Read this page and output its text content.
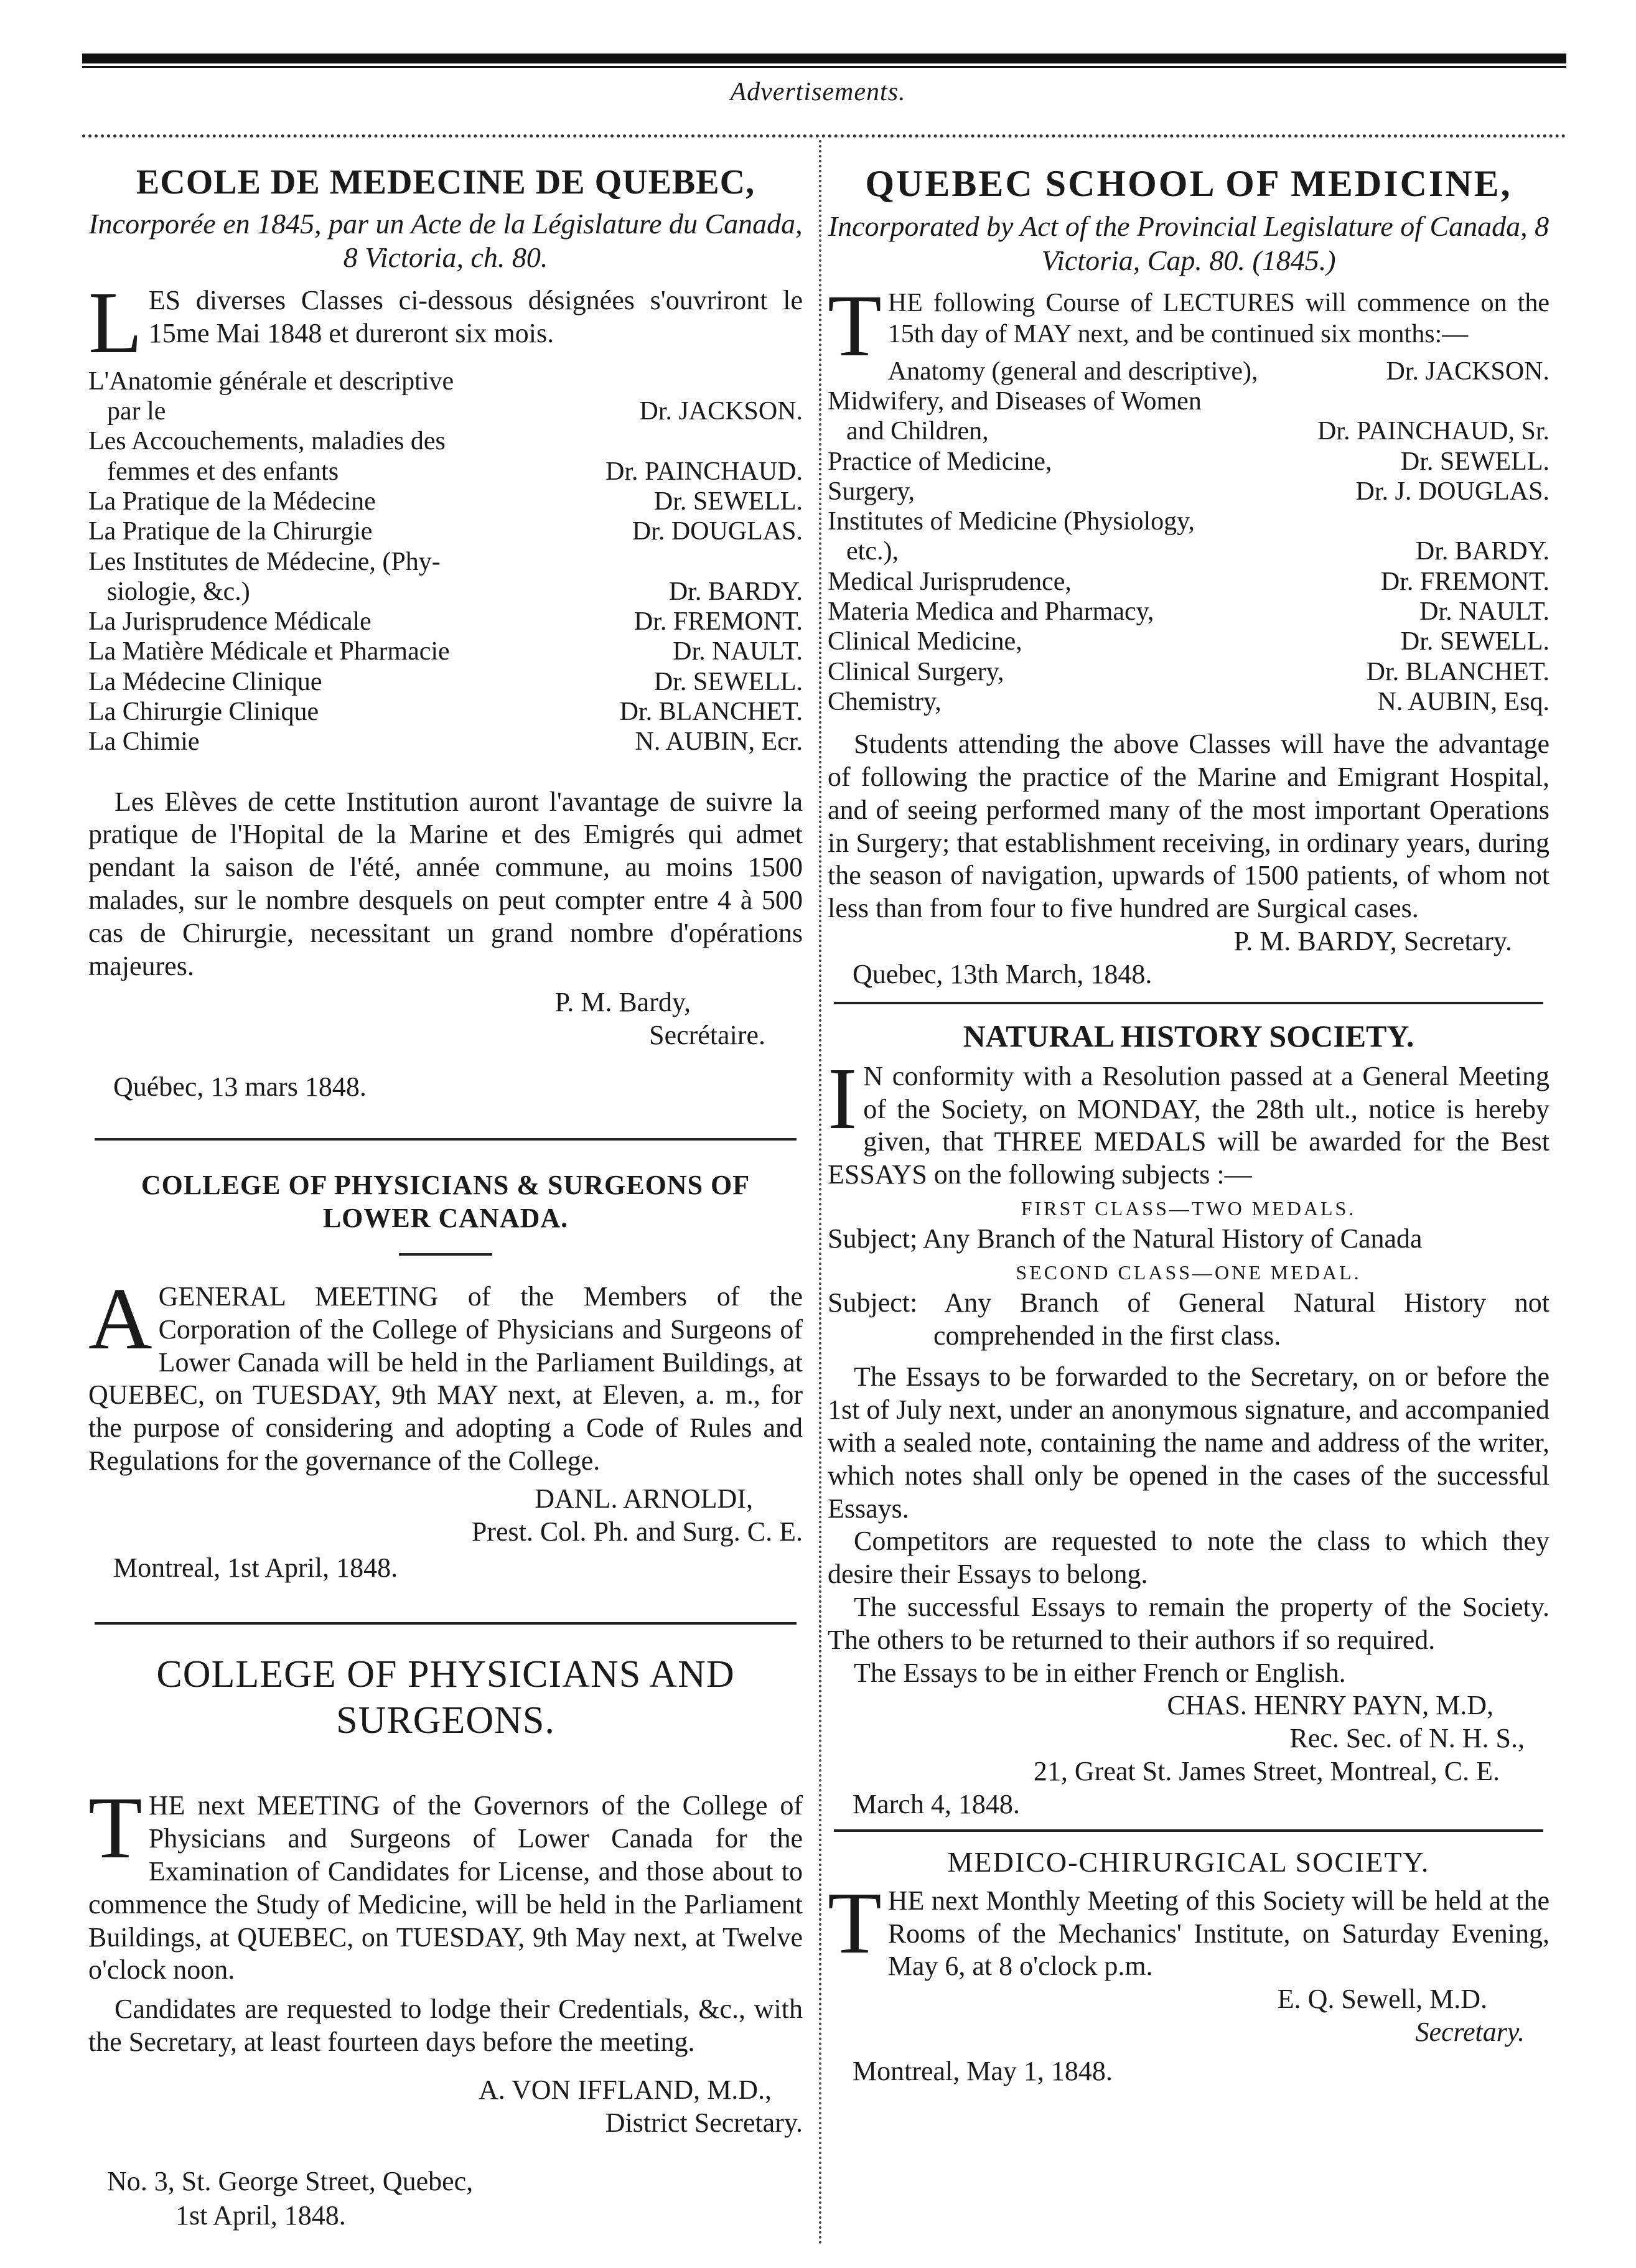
Advertisements.
ECOLE DE MEDECINE DE QUEBEC,

Incorporée en 1845, par un Acte de la Législature du Canada, 8 Victoria, ch. 80.

LES diverses Classes ci-dessous désignées s'ouvriront le 15me Mai 1848 et dureront six mois.

L'Anatomie générale et descriptive
par le	Dr. JACKSON.
Les Accouchements, maladies des
femmes et des enfants	Dr. PAINCHAUD.
La Pratique de la Médecine	Dr. SEWELL.
La Pratique de la Chirurgie	Dr. DOUGLAS.
Les Institutes de Médecine, (Phy-
siologie, &c.)	Dr. BARDY.
La Jurisprudence Médicale	Dr. FREMONT.
La Matière Médicale et Pharmacie	Dr. NAULT.
La Médecine Clinique	Dr. SEWELL.
La Chirurgie Clinique	Dr. BLANCHET.
La Chimie	N. AUBIN, Ecr.

Les Elèves de cette Institution auront l'avantage de suivre la pratique de l'Hopital de la Marine et des Emigrés qui admet pendant la saison de l'été, année commune, au moins 1500 malades, sur le nombre desquels on peut compter entre 4 à 500 cas de Chirurgie, necessitant un grand nombre d'opérations majeures.

P. M. Bardy,

Secrétaire.

Québec, 13 mars 1848.

COLLEGE OF PHYSICIANS & SURGEONS OF LOWER CANADA.

AGENERAL MEETING of the Members of the Corporation of the College of Physicians and Surgeons of Lower Canada will be held in the Parliament Buildings, at QUEBEC, on TUESDAY, 9th MAY next, at Eleven, a. m., for the purpose of considering and adopting a Code of Rules and Regulations for the governance of the College.

DANL. ARNOLDI,

Prest. Col. Ph. and Surg. C. E.

Montreal, 1st April, 1848.

COLLEGE OF PHYSICIANS AND SURGEONS.

THE next MEETING of the Governors of the College of Physicians and Surgeons of Lower Canada for the Examination of Candidates for License, and those about to commence the Study of Medicine, will be held in the Parliament Buildings, at QUEBEC, on TUESDAY, 9th May next, at Twelve o'clock noon.

Candidates are requested to lodge their Credentials, &c., with the Secretary, at least fourteen days before the meeting.

A. VON IFFLAND, M.D.,

District Secretary.

No. 3, St. George Street, Quebec,
1st April, 1848.
QUEBEC SCHOOL OF MEDICINE,

Incorporated by Act of the Provincial Legislature of Canada, 8 Victoria, Cap. 80. (1845.)

THE following Course of LECTURES will commence on the 15th day of MAY next, and be continued six months:—

Anatomy (general and descriptive),	Dr. JACKSON.
Midwifery, and Diseases of Women
and Children,	Dr. PAINCHAUD, Sr.
Practice of Medicine,	Dr. SEWELL.
Surgery,	Dr. J. DOUGLAS.
Institutes of Medicine (Physiology,
etc.),	Dr. BARDY.
Medical Jurisprudence,	Dr. FREMONT.
Materia Medica and Pharmacy,	Dr. NAULT.
Clinical Medicine,	Dr. SEWELL.
Clinical Surgery,	Dr. BLANCHET.
Chemistry,	N. AUBIN, Esq.

Students attending the above Classes will have the advantage of following the practice of the Marine and Emigrant Hospital, and of seeing performed many of the most important Operations in Surgery; that establishment receiving, in ordinary years, during the season of navigation, upwards of 1500 patients, of whom not less than from four to five hundred are Surgical cases.

P. M. BARDY, Secretary.

Quebec, 13th March, 1848.

NATURAL HISTORY SOCIETY.

I N conformity with a Resolution passed at a General Meeting of the Society, on MONDAY, the 28th ult., notice is hereby given, that THREE MEDALS will be awarded for the Best ESSAYS on the following subjects :—

FIRST CLASS—TWO MEDALS.

Subject; Any Branch of the Natural History of Canada

SECOND CLASS—ONE MEDAL.

Subject: Any Branch of General Natural History not comprehended in the first class.

The Essays to be forwarded to the Secretary, on or before the 1st of July next, under an anonymous signature, and accompanied with a sealed note, containing the name and address of the writer, which notes shall only be opened in the cases of the successful Essays.

Competitors are requested to note the class to which they desire their Essays to belong.

The successful Essays to remain the property of the Society. The others to be returned to their authors if so required.

The Essays to be in either French or English.

CHAS. HENRY PAYN, M.D,

Rec. Sec. of N. H. S.,

21, Great St. James Street, Montreal, C. E.

March 4, 1848.

MEDICO-CHIRURGICAL SOCIETY.

THE next Monthly Meeting of this Society will be held at the Rooms of the Mechanics' Institute, on Saturday Evening, May 6, at 8 o'clock p.m.

E. Q. Sewell, M.D.

Secretary.

Montreal, May 1, 1848.
